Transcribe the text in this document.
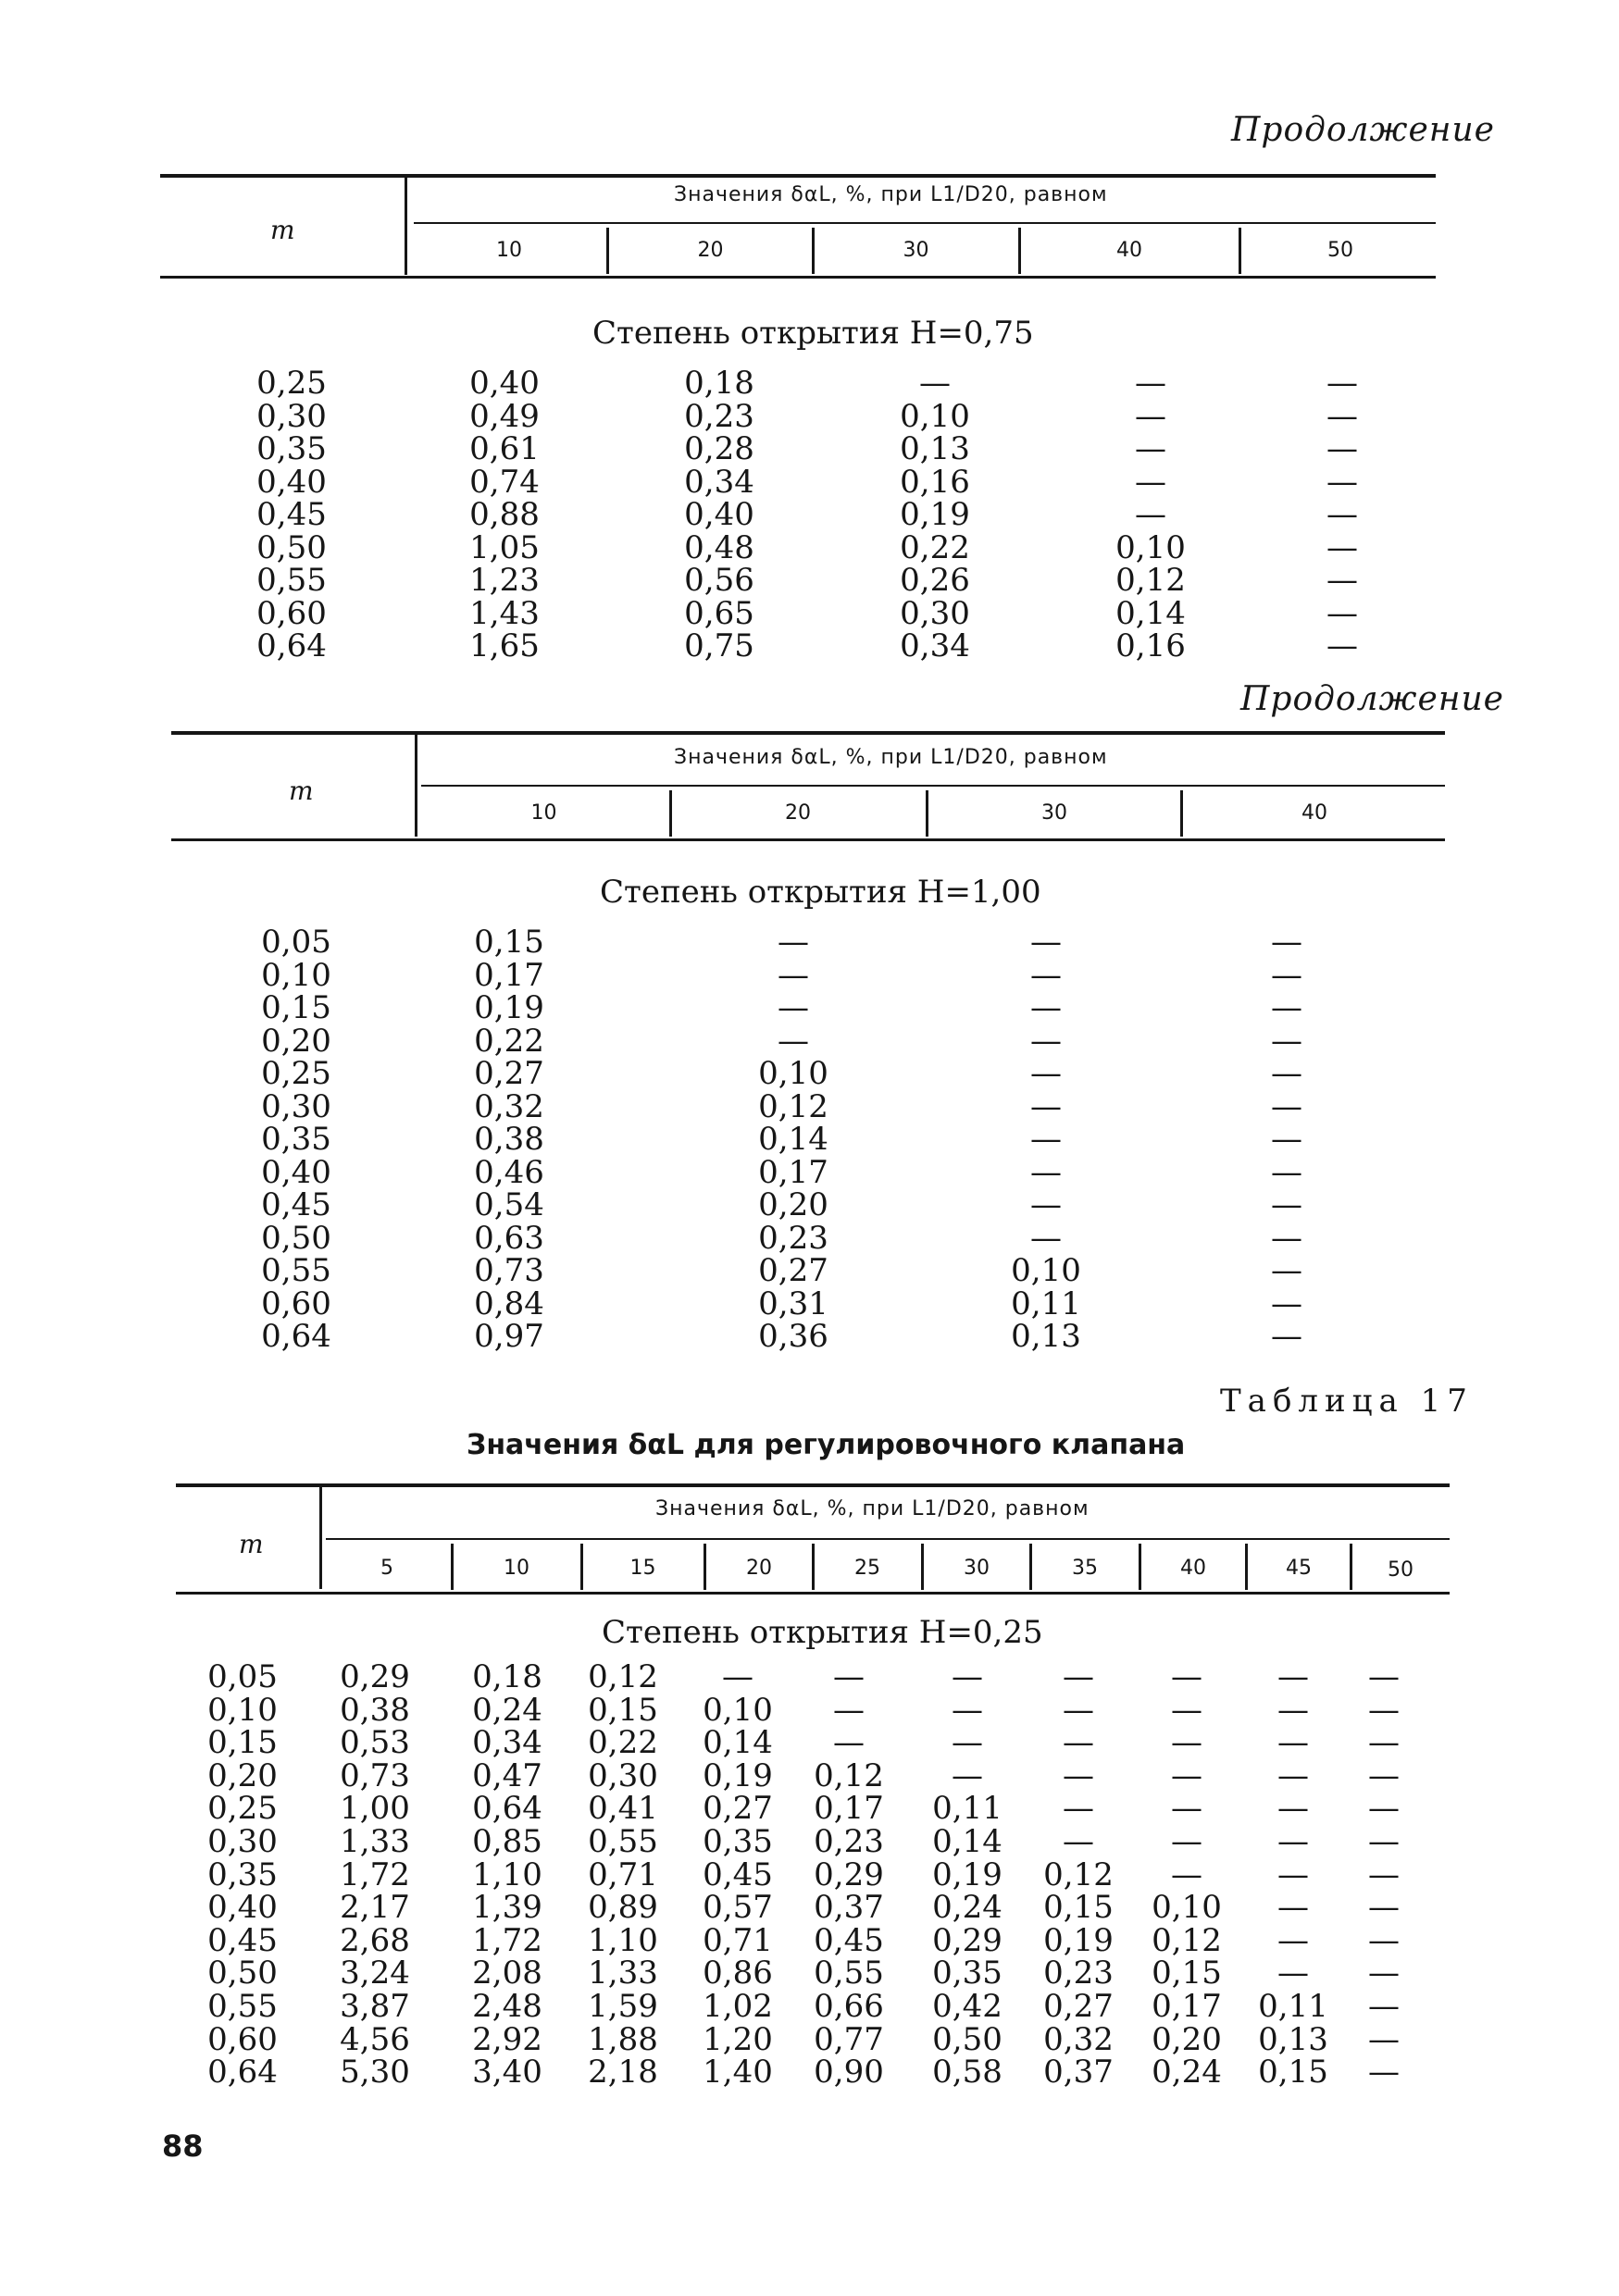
Продолжение
m
Значения δαL, %, при L1/D20, равном
10	20	30	40	50
Степень открытия H=0,75
0,25	0,40	0,18	—	—	—
0,30	0,49	0,23	0,10	—	—
0,35	0,61	0,28	0,13	—	—
0,40	0,74	0,34	0,16	—	—
0,45	0,88	0,40	0,19	—	—
0,50	1,05	0,48	0,22	0,10	—
0,55	1,23	0,56	0,26	0,12	—
0,60	1,43	0,65	0,30	0,14	—
0,64	1,65	0,75	0,34	0,16	—
Продолжение
m
Значения δαL, %, при L1/D20, равном
10	20	30	40
Степень открытия H=1,00
0,05	0,15	—	—	—
0,10	0,17	—	—	—
0,15	0,19	—	—	—
0,20	0,22	—	—	—
0,25	0,27	0,10	—	—
0,30	0,32	0,12	—	—
0,35	0,38	0,14	—	—
0,40	0,46	0,17	—	—
0,45	0,54	0,20	—	—
0,50	0,63	0,23	—	—
0,55	0,73	0,27	0,10	—
0,60	0,84	0,31	0,11	—
0,64	0,97	0,36	0,13	—
Таблица 17
Значения δαL для регулировочного клапана
m
Значения δαL, %, при L1/D20, равном
5	10	15	20	25	30	35	40	45	50
Степень открытия H=0,25
0,05 0,29 0,18 0,12 —	—	—	— — — —
0,10 0,38 0,24 0,15 0,10 —	—	— — — —
0,15 0,53 0,34 0,22 0,14 —	—	— — — —
0,20 0,73 0,47 0,30 0,19 0,12 —	— — — —
0,25 1,00 0,64 0,41 0,27 0,17 0,11 — — — —
0,30 1,33 0,85 0,55 0,35 0,23 0,14 — — — —
0,35 1,72 1,10 0,71 0,45 0,29 0,19 0,12 — — —
0,40 2,17 1,39 0,89 0,57 0,37 0,24 0,15 0,10 — —
0,45 2,68 1,72 1,10 0,71 0,45 0,29 0,19 0,12 — —
0,50 3,24 2,08 1,33 0,86 0,55 0,35 0,23 0,15 — —
0,55 3,87 2,48 1,59 1,02 0,66 0,42 0,27 0,17 0,11 —
0,60 4,56 2,92 1,88 1,20 0,77 0,50 0,32 0,20 0,13 —
0,64 5,30 3,40 2,18 1,40 0,90 0,58 0,37 0,24 0,15 —
88
